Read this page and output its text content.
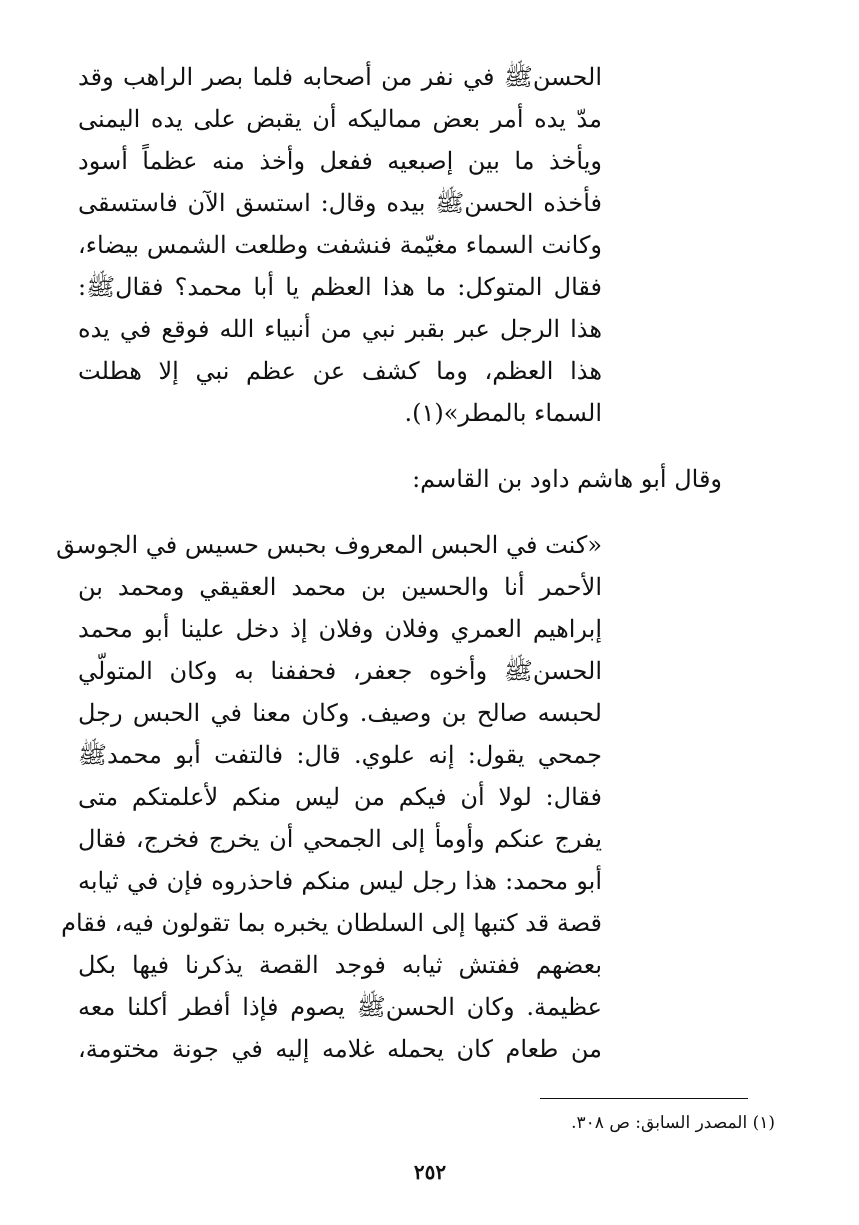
الحسنﷺ في نفر من أصحابه فلما بصر الراهب وقد
مدّ يده أمر بعض مماليكه أن يقبض على يده اليمنى
ويأخذ ما بين إصبعيه ففعل وأخذ منه عظماً أسود
فأخذه الحسنﷺ بيده وقال: استسق الآن فاستسقى
وكانت السماء مغيّمة فنشفت وطلعت الشمس بيضاء،
فقال المتوكل: ما هذا العظم يا أبا محمد؟ فقالﷺ:
هذا الرجل عبر بقبر نبي من أنبياء الله فوقع في يده
هذا العظم، وما كشف عن عظم نبي إلا هطلت
السماء بالمطر»(١).
وقال أبو هاشم داود بن القاسم:
«كنت في الحبس المعروف بحبس حسيس في الجوسق
الأحمر أنا والحسين بن محمد العقيقي ومحمد بن
إبراهيم العمري وفلان وفلان إذ دخل علينا أبو محمد
الحسنﷺ وأخوه جعفر، فحففنا به وكان المتولّي
لحبسه صالح بن وصيف. وكان معنا في الحبس رجل
جمحي يقول: إنه علوي. قال: فالتفت أبو محمدﷺ
فقال: لولا أن فيكم من ليس منكم لأعلمتكم متى
يفرج عنكم وأومأ إلى الجمحي أن يخرج فخرج، فقال
أبو محمد: هذا رجل ليس منكم فاحذروه فإن في ثيابه
قصة قد كتبها إلى السلطان يخبره بما تقولون فيه، فقام
بعضهم ففتش ثيابه فوجد القصة يذكرنا فيها بكل
عظيمة. وكان الحسنﷺ يصوم فإذا أفطر أكلنا معه
من طعام كان يحمله غلامه إليه في جونة مختومة،
(١) المصدر السابق: ص ٣٠٨.
٢٥٢
